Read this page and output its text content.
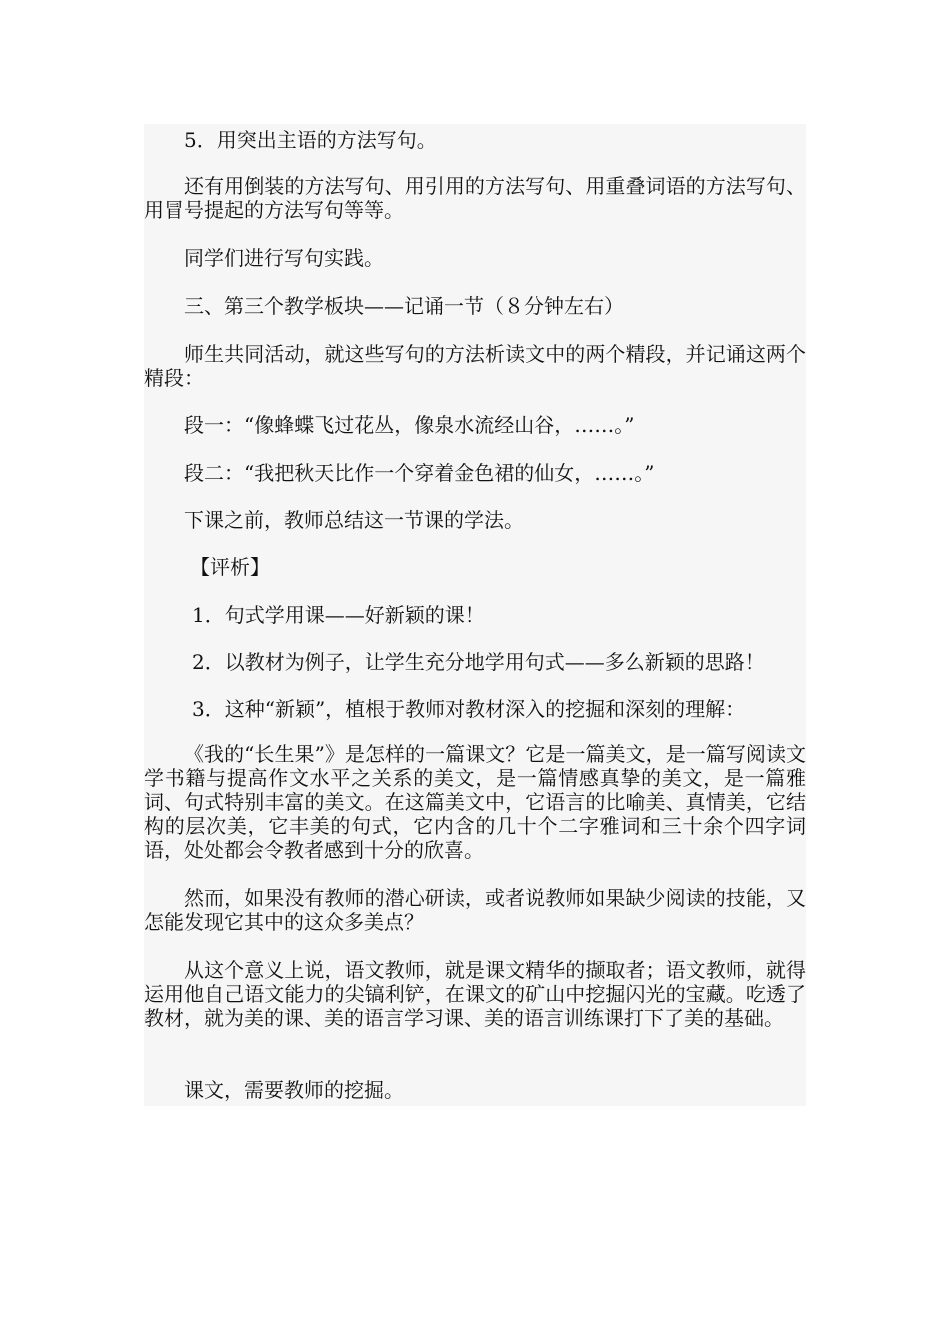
5．用突出主语的方法写句。

还有用倒装的方法写句、用引用的方法写句、用重叠词语的方法写句、用冒号提起的方法写句等等。

同学们进行写句实践。

三、第三个教学板块——记诵一节（８分钟左右）

师生共同活动，就这些写句的方法析读文中的两个精段，并记诵这两个精段：

段一：“像蜂蝶飞过花丛，像泉水流经山谷，……。”

段二：“我把秋天比作一个穿着金色裙的仙女，……。”

下课之前，教师总结这一节课的学法。

【评析】

1．句式学用课——好新颖的课！

2．以教材为例子，让学生充分地学用句式——多么新颖的思路！

3．这种“新颖”，植根于教师对教材深入的挖掘和深刻的理解：

《我的“长生果”》是怎样的一篇课文？它是一篇美文，是一篇写阅读文学书籍与提高作文水平之关系的美文，是一篇情感真挚的美文，是一篇雅词、句式特别丰富的美文。在这篇美文中，它语言的比喻美、真情美，它结构的层次美，它丰美的句式，它内含的几十个二字雅词和三十余个四字词语，处处都会令教者感到十分的欣喜。

然而，如果没有教师的潜心研读，或者说教师如果缺少阅读的技能，又怎能发现它其中的这众多美点？

从这个意义上说，语文教师，就是课文精华的撷取者；语文教师，就得运用他自己语文能力的尖镐利铲，在课文的矿山中挖掘闪光的宝藏。吃透了教材，就为美的课、美的语言学习课、美的语言训练课打下了美的基础。

课文，需要教师的挖掘。
